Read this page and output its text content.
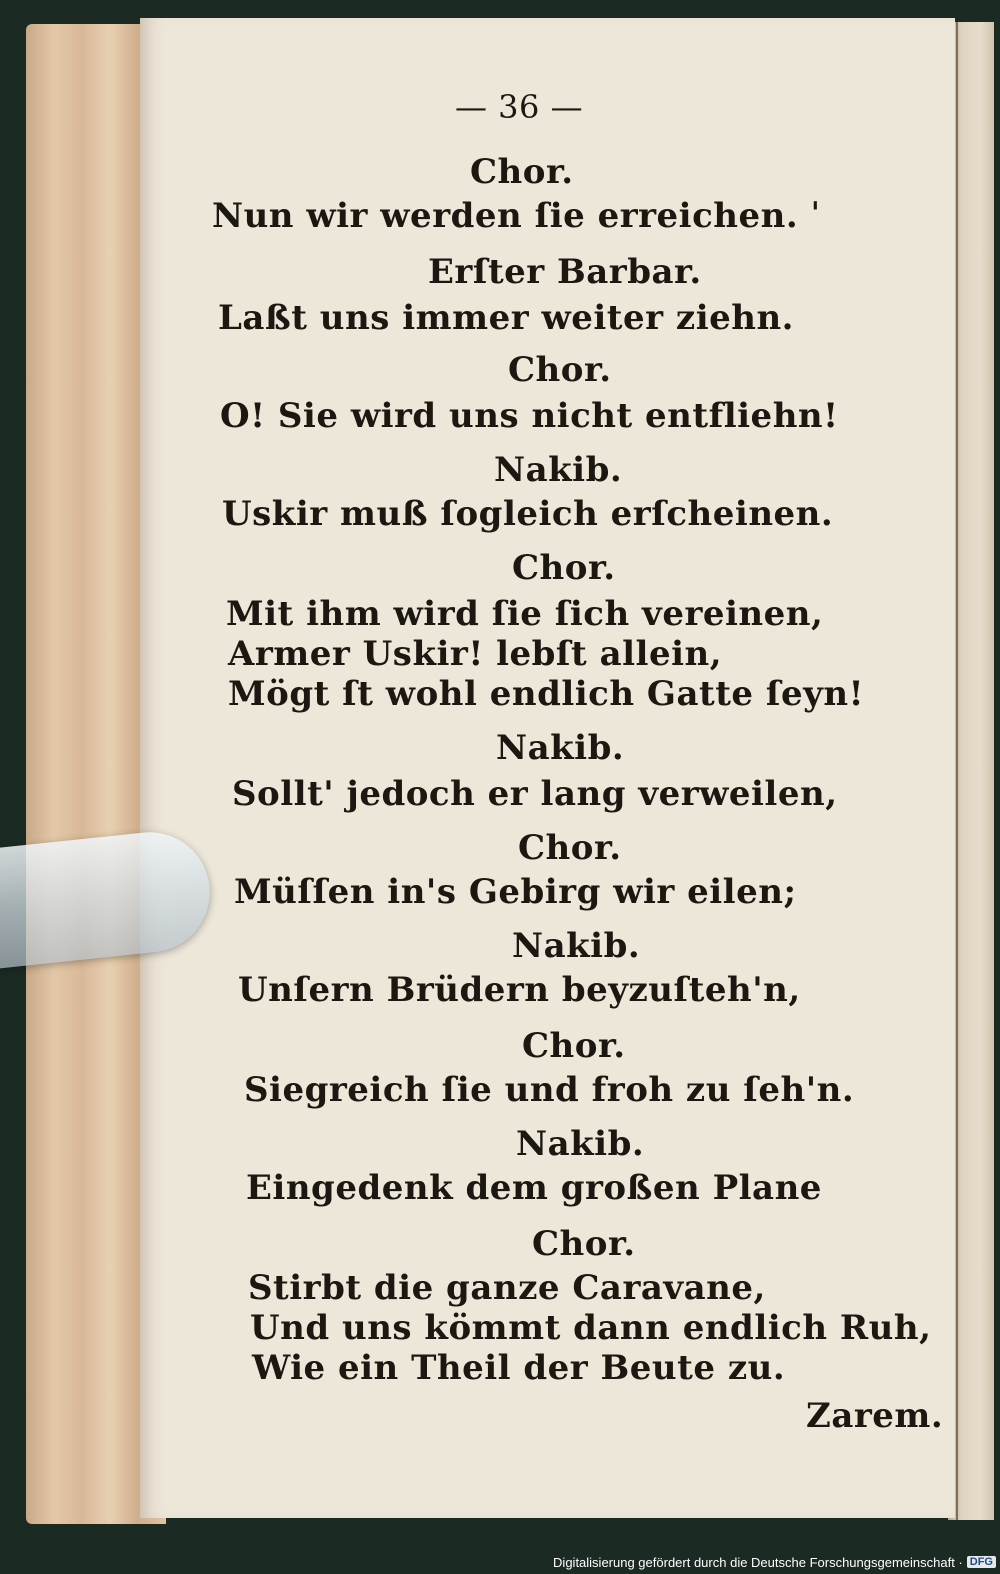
— 36 —
Chor.
Nun wir werden ſie erreichen. ˈ
Erſter Barbar.
Laßt uns immer weiter ziehn.
Chor.
O! Sie wird uns nicht entfliehn!
Nakib.
Uskir muß ſogleich erſcheinen.
Chor.
Mit ihm wird ſie ſich vereinen,
Armer Uskir! lebſt allein,
Mögt ſt wohl endlich Gatte ſeyn!
Nakib.
Sollt' jedoch er lang verweilen,
Chor.
Müſſen in's Gebirg wir eilen;
Nakib.
Unſern Brüdern beyzuſteh'n,
Chor.
Siegreich ſie und froh zu ſeh'n.
Nakib.
Eingedenk dem großen Plane
Chor.
Stirbt die ganze Caravane,
Und uns kömmt dann endlich Ruh,
Wie ein Theil der Beute zu.
Zarem.
Digitalisierung gefördert durch die Deutsche Forschungsgemeinschaft · DFG
